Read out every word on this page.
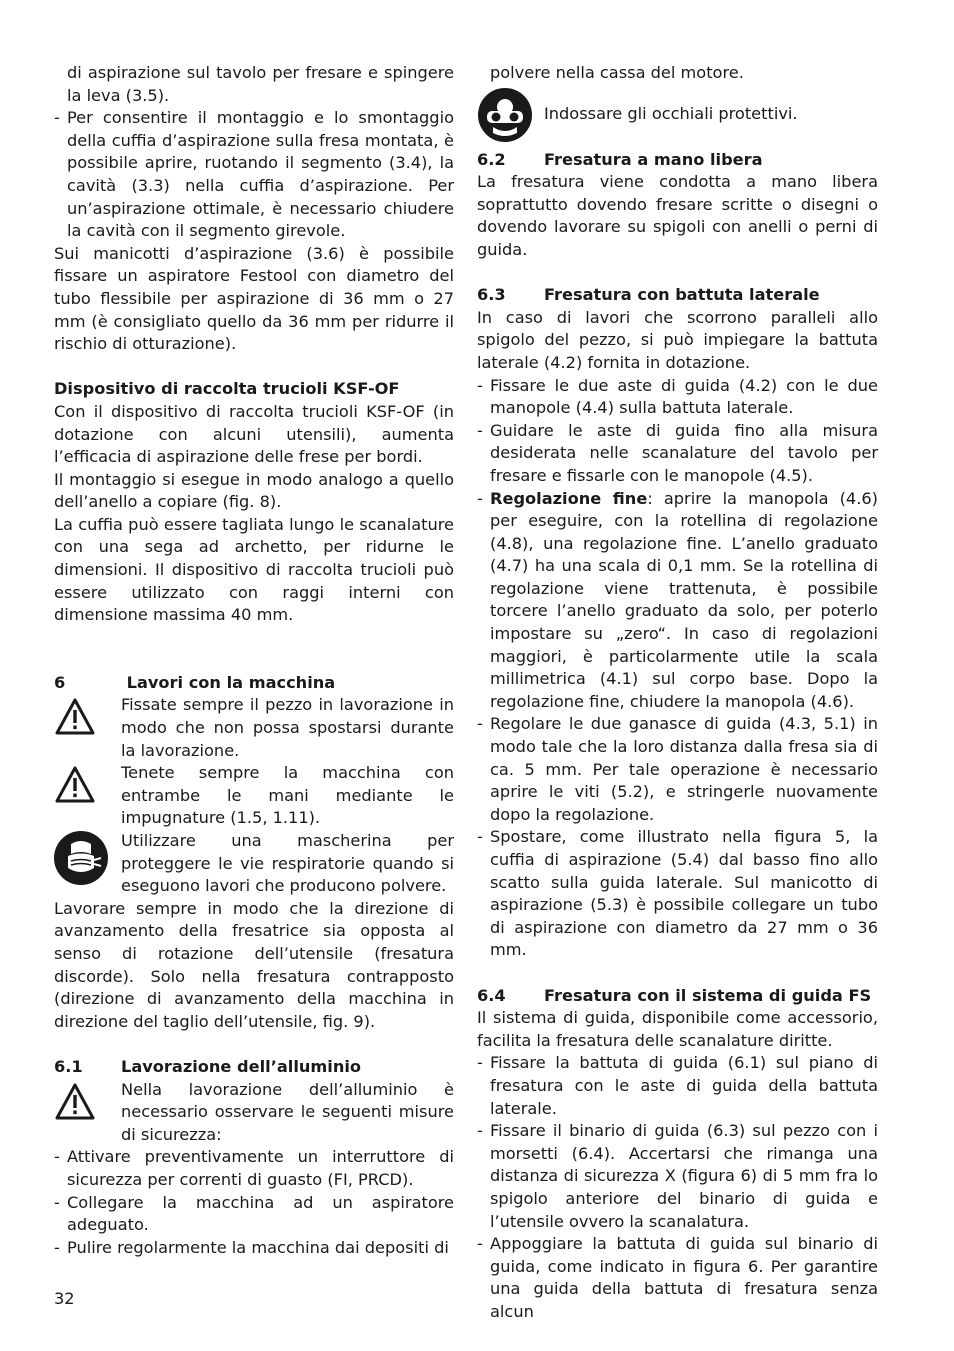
di aspirazione sul tavolo per fresare e spingere la leva (3.5).

- Per consentire il montaggio e lo smontaggio della cuffia d’aspirazione sulla fresa montata, è possibile aprire, ruotando il segmento (3.4), la cavità (3.3) nella cuffia d’aspirazione. Per un’aspirazione ottimale, è necessario chiudere la cavità con il segmento girevole.

Sui manicotti d’aspirazione (3.6) è possibile fissare un aspiratore Festool con diametro del tubo flessibile per aspirazione di 36 mm o 27 mm (è consigliato quello da 36 mm per ridurre il rischio di otturazione).

Dispositivo di raccolta trucioli KSF-OF

Con il dispositivo di raccolta trucioli KSF-OF (in dotazione con alcuni utensili), aumenta l’efficacia di aspirazione delle frese per bordi.

Il montaggio si esegue in modo analogo a quello dell’anello a copiare (fig. 8).

La cuffia può essere tagliata lungo le scanalature con una sega ad archetto, per ridurne le dimensioni. Il dispositivo di raccolta trucioli può essere utilizzato con raggi interni con dimensione massima 40 mm.

6	Lavori con la macchina
Fissate sempre il pezzo in lavorazione in modo che non possa spostarsi durante la lavorazione.
Tenete sempre la macchina con entrambe le mani mediante le impugnature (1.5, 1.11).
Utilizzare una mascherina per proteggere le vie respiratorie quando si eseguono lavori che producono polvere.

Lavorare sempre in modo che la direzione di avanzamento della fresatrice sia opposta al senso di rotazione dell’utensile (fresatura discorde). Solo nella fresatura contrapposto (direzione di avanzamento della macchina in direzione del taglio dell’utensile, fig. 9).

6.1	Lavorazione dell’alluminio
Nella lavorazione dell’alluminio è necessario osservare le seguenti misure di sicurezza:
- Attivare preventivamente un interruttore di sicurezza per correnti di guasto (FI, PRCD).
- Collegare la macchina ad un aspiratore adeguato.
- Pulire regolarmente la macchina dai depositi di

polvere nella cassa del motore.

Indossare gli occhiali protettivi.
6.2	Fresatura a mano libera

La fresatura viene condotta a mano libera soprattutto dovendo fresare scritte o disegni o dovendo lavorare su spigoli con anelli o perni di guida.

6.3	Fresatura con battuta laterale

In caso di lavori che scorrono paralleli allo spigolo del pezzo, si può impiegare la battuta laterale (4.2) fornita in dotazione.

- Fissare le due aste di guida (4.2) con le due manopole (4.4) sulla battuta laterale.
- Guidare le aste di guida fino alla misura desiderata nelle scanalature del tavolo per fresare e fissarle con le manopole (4.5).
- Regolazione fine: aprire la manopola (4.6) per eseguire, con la rotellina di regolazione (4.8), una regolazione fine. L’anello graduato (4.7) ha una scala di 0,1 mm. Se la rotellina di regolazione viene trattenuta, è possibile torcere l’anello graduato da solo, per poterlo impostare su „zero“. In caso di regolazioni maggiori, è particolarmente utile la scala millimetrica (4.1) sul corpo base. Dopo la regolazione fine, chiudere la manopola (4.6).
- Regolare le due ganasce di guida (4.3, 5.1) in modo tale che la loro distanza dalla fresa sia di ca. 5 mm. Per tale operazione è necessario aprire le viti (5.2), e stringerle nuovamente dopo la regolazione.
- Spostare, come illustrato nella figura 5, la cuffia di aspirazione (5.4) dal basso fino allo scatto sulla guida laterale. Sul manicotto di aspirazione (5.3) è possibile collegare un tubo di aspirazione con diametro da 27 mm o 36 mm.
6.4	Fresatura con il sistema di guida FS

Il sistema di guida, disponibile come accessorio, facilita la fresatura delle scanalature diritte.

- Fissare la battuta di guida (6.1) sul piano di fresatura con le aste di guida della battuta laterale.
- Fissare il binario di guida (6.3) sul pezzo con i morsetti (6.4). Accertarsi che rimanga una distanza di sicurezza X (figura 6) di 5 mm fra lo spigolo anteriore del binario di guida e l’utensile ovvero la scanalatura.
- Appoggiare la battuta di guida sul binario di guida, come indicato in figura 6. Per garantire una guida della battuta di fresatura senza alcun
32
